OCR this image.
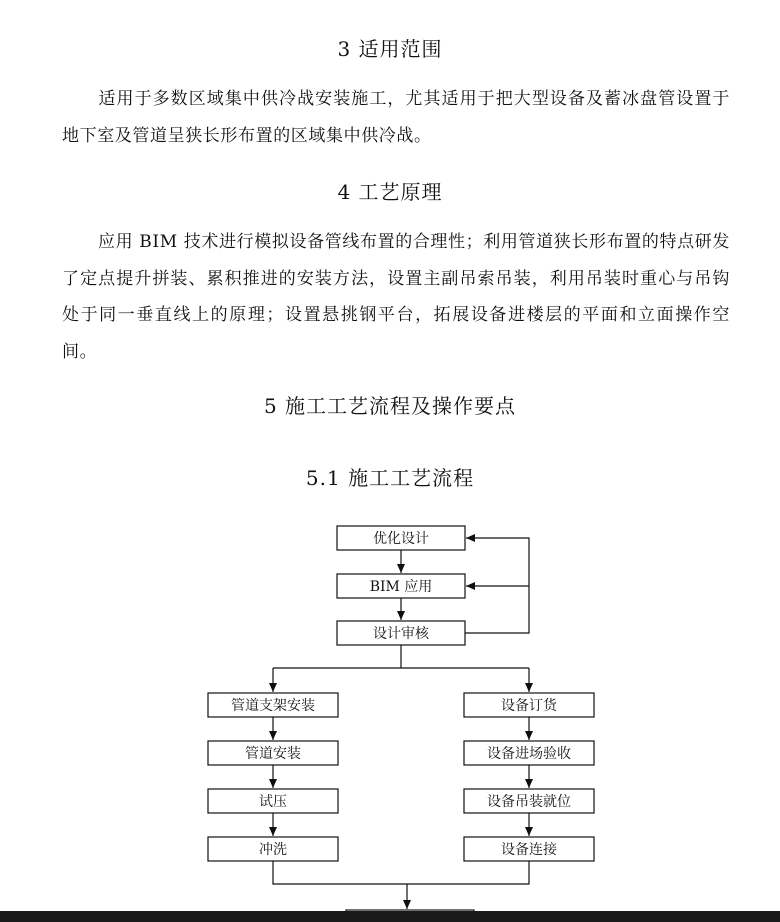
3 适用范围
适用于多数区域集中供冷战安装施工，尤其适用于把大型设备及蓄冰盘管设置于地下室及管道呈狭长形布置的区域集中供冷战。
4 工艺原理
应用 BIM 技术进行模拟设备管线布置的合理性；利用管道狭长形布置的特点研发了定点提升拼装、累积推进的安装方法，设置主副吊索吊装，利用吊装时重心与吊钩处于同一垂直线上的原理；设置悬挑钢平台，拓展设备进楼层的平面和立面操作空间。
5 施工工艺流程及操作要点
5.1 施工工艺流程
优化设计
BIM 应用
设计审核
管道支架安装
管道安装
试压
冲洗
设备订货
设备进场验收
设备吊装就位
设备连接
